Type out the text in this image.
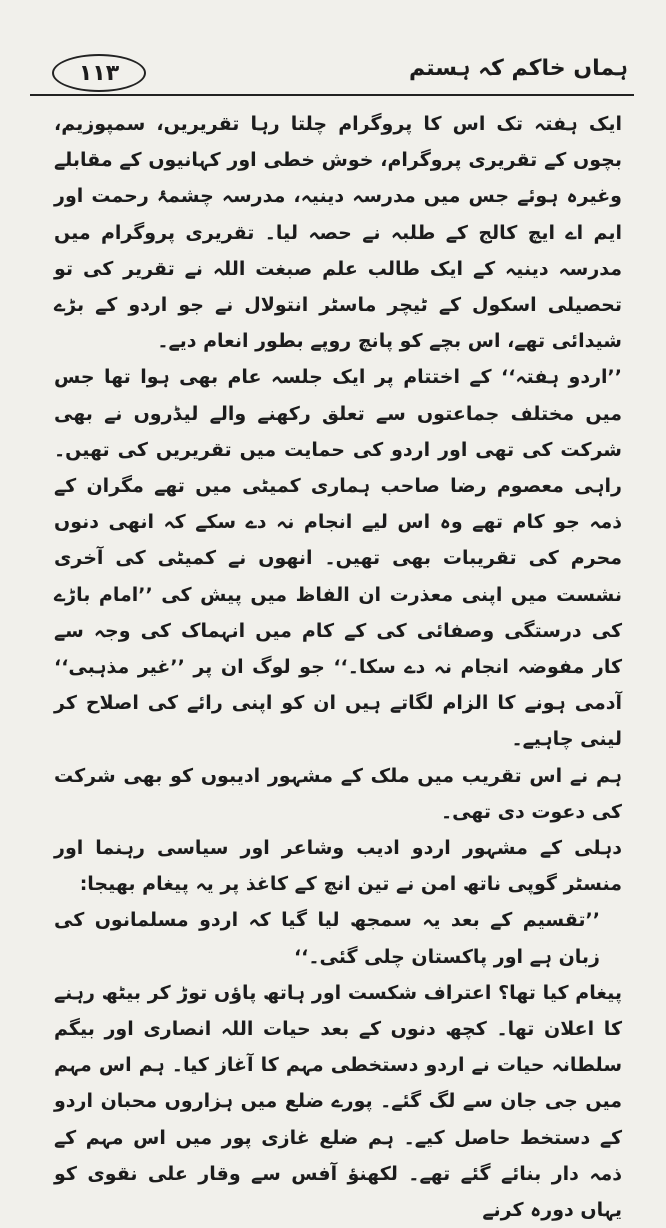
۱۱۳	ہماں خاکم کہ ہستم

ایک ہفتہ تک اس کا پروگرام چلتا رہا تقریریں، سمپوزیم، بچوں کے تقریری پروگرام، خوش خطی اور کہانیوں کے مقابلے وغیرہ ہوئے جس میں مدرسہ دینیہ، مدرسہ چشمۂ رحمت اور ایم اے ایچ کالج کے طلبہ نے حصہ لیا۔ تقریری پروگرام میں مدرسہ دینیہ کے ایک طالب علم صبغت اللہ نے تقریر کی تو تحصیلی اسکول کے ٹیچر ماسٹر انتولال نے جو اردو کے بڑے شیدائی تھے، اس بچے کو پانچ روپے بطور انعام دیے۔

’’اردو ہفتہ‘‘ کے اختتام پر ایک جلسہ عام بھی ہوا تھا جس میں مختلف جماعتوں سے تعلق رکھنے والے لیڈروں نے بھی شرکت کی تھی اور اردو کی حمایت میں تقریریں کی تھیں۔ راہی معصوم رضا صاحب ہماری کمیٹی میں تھے مگران کے ذمہ جو کام تھے وہ اس لیے انجام نہ دے سکے کہ انھی دنوں محرم کی تقریبات بھی تھیں۔ انھوں نے کمیٹی کی آخری نشست میں اپنی معذرت ان الفاظ میں پیش کی ’’امام باڑے کی درستگی وصفائی کی کے کام میں انہماک کی وجہ سے کار مفوضہ انجام نہ دے سکا۔‘‘ جو لوگ ان پر ’’غیر مذہبی‘‘ آدمی ہونے کا الزام لگاتے ہیں ان کو اپنی رائے کی اصلاح کر لینی چاہیے۔

ہم نے اس تقریب میں ملک کے مشہور ادیبوں کو بھی شرکت کی دعوت دی تھی۔

دہلی کے مشہور اردو ادیب وشاعر اور سیاسی رہنما اور منسٹر گوپی ناتھ امن نے تین انچ کے کاغذ پر یہ پیغام بھیجا:

’’تقسیم کے بعد یہ سمجھ لیا گیا کہ اردو مسلمانوں کی زبان ہے اور پاکستان چلی گئی۔‘‘

پیغام کیا تھا؟ اعتراف شکست اور ہاتھ پاؤں توڑ کر بیٹھ رہنے کا اعلان تھا۔ کچھ دنوں کے بعد حیات اللہ انصاری اور بیگم سلطانہ حیات نے اردو دستخطی مہم کا آغاز کیا۔ ہم اس مہم میں جی جان سے لگ گئے۔ پورے ضلع میں ہزاروں محبان اردو کے دستخط حاصل کیے۔ ہم ضلع غازی پور میں اس مہم کے ذمہ دار بنائے گئے تھے۔ لکھنؤ آفس سے وقار علی نقوی کو یہاں دورہ کرنے
